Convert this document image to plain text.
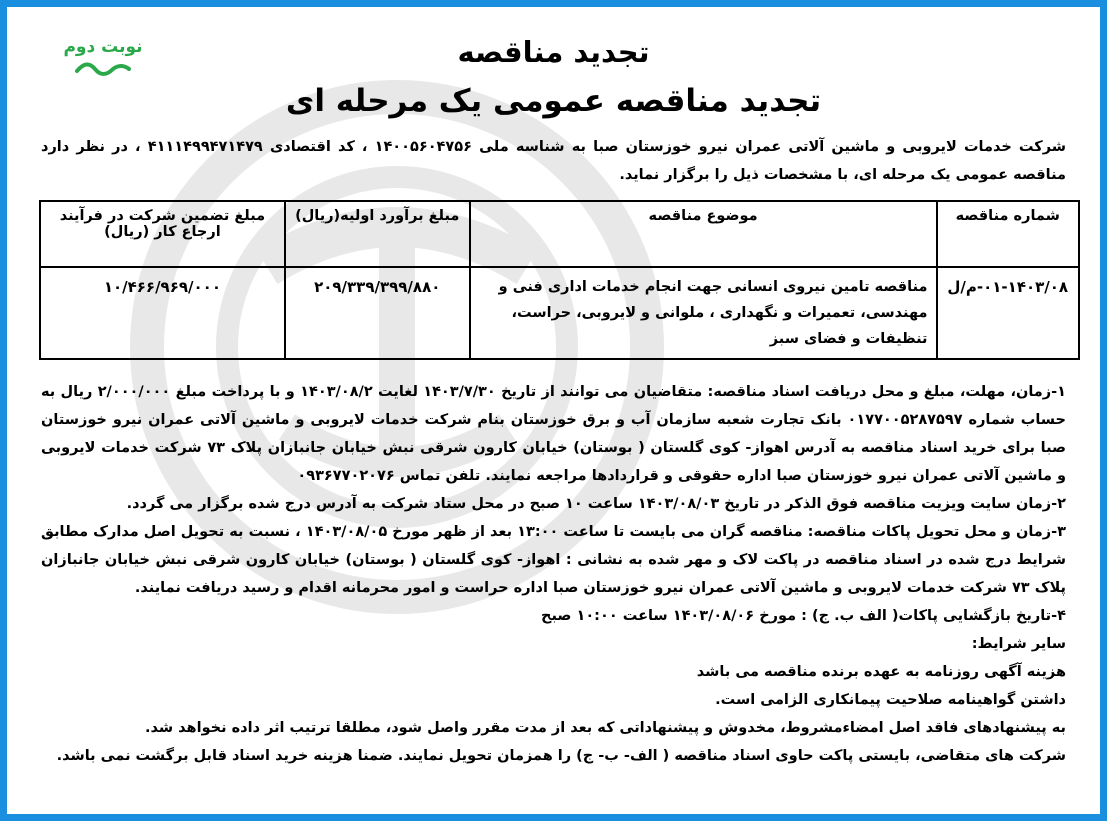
نوبت دوم	تجدید مناقصه
تجدید مناقصه عمومی یک مرحله ای
شرکت خدمات لایروبی و ماشین آلاتی عمران نیرو خوزستان صبا به شناسه ملی ۱۴۰۰۵۶۰۴۷۵۶ ، کد اقتصادی ۴۱۱۱۴۹۹۴۷۱۴۷۹ ، در نظر دارد مناقصه عمومی یک مرحله ای، با مشخصات ذیل را برگزار نماید.
شماره مناقصه	موضوع مناقصه	مبلغ برآورد اولیه(ریال)	مبلغ تضمین شرکت در فرآیند ارجاع کار (ریال)
۰۱-۱۴۰۳/۰۸-م/ل	مناقصه تامین نیروی انسانی جهت انجام خدمات اداری فنی و مهندسی، تعمیرات و نگهداری ، ملوانی و لایروبی، حراست، تنظیفات و فضای سبز	۲۰۹/۳۳۹/۳۹۹/۸۸۰	۱۰/۴۶۶/۹۶۹/۰۰۰

۱-زمان، مهلت، مبلغ و محل دریافت اسناد مناقصه: متقاضیان می توانند از تاریخ ۱۴۰۳/۷/۳۰ لغایت ۱۴۰۳/۰۸/۲ و با پرداخت مبلغ ۲/۰۰۰/۰۰۰ ریال به حساب شماره ۰۱۷۷۰۰۵۲۸۷۵۹۷ بانک تجارت شعبه سازمان آب و برق خوزستان بنام شرکت خدمات لایروبی و ماشین آلاتی عمران نیرو خوزستان صبا برای خرید اسناد مناقصه به آدرس اهواز- کوی گلستان ( بوستان) خیابان کارون شرقی نبش خیابان جانبازان پلاک ۷۳ شرکت خدمات لایروبی و ماشین آلاتی عمران نیرو خوزستان صبا اداره حقوقی و قراردادها مراجعه نمایند. تلفن تماس ۰۹۳۶۷۷۰۲۰۷۶

۲-زمان سایت ویزیت مناقصه فوق الذکر در تاریخ ۱۴۰۳/۰۸/۰۳ ساعت ۱۰ صبح در محل ستاد شرکت به آدرس درج شده برگزار می گردد.

۳-زمان و محل تحویل پاکات مناقصه: مناقصه گران می بایست تا ساعت ۱۳:۰۰ بعد از ظهر مورخ ۱۴۰۳/۰۸/۰۵ ، نسبت به تحویل اصل مدارک مطابق شرایط درج شده در اسناد مناقصه در پاکت لاک و مهر شده به نشانی : اهواز- کوی گلستان ( بوستان) خیابان کارون شرقی نبش خیابان جانبازان پلاک ۷۳ شرکت خدمات لایروبی و ماشین آلاتی عمران نیرو خوزستان صبا اداره حراست و امور محرمانه اقدام و رسید دریافت نمایند.

۴-تاریخ بازگشایی پاکات( الف ب. ج) : مورخ ۱۴۰۳/۰۸/۰۶ ساعت ۱۰:۰۰ صبح

سایر شرایط:

هزینه آگهی روزنامه به عهده برنده مناقصه می باشد

داشتن گواهینامه صلاحیت پیمانکاری الزامی است.

به پیشنهادهای فاقد اصل امضاءمشروط، مخدوش و پیشنهاداتی که بعد از مدت مقرر واصل شود، مطلقا ترتیب اثر داده نخواهد شد.

شرکت های متقاضی، بایستی پاکت حاوی اسناد مناقصه ( الف- ب- ج) را همزمان تحویل نمایند. ضمنا هزینه خرید اسناد قابل برگشت نمی باشد.
